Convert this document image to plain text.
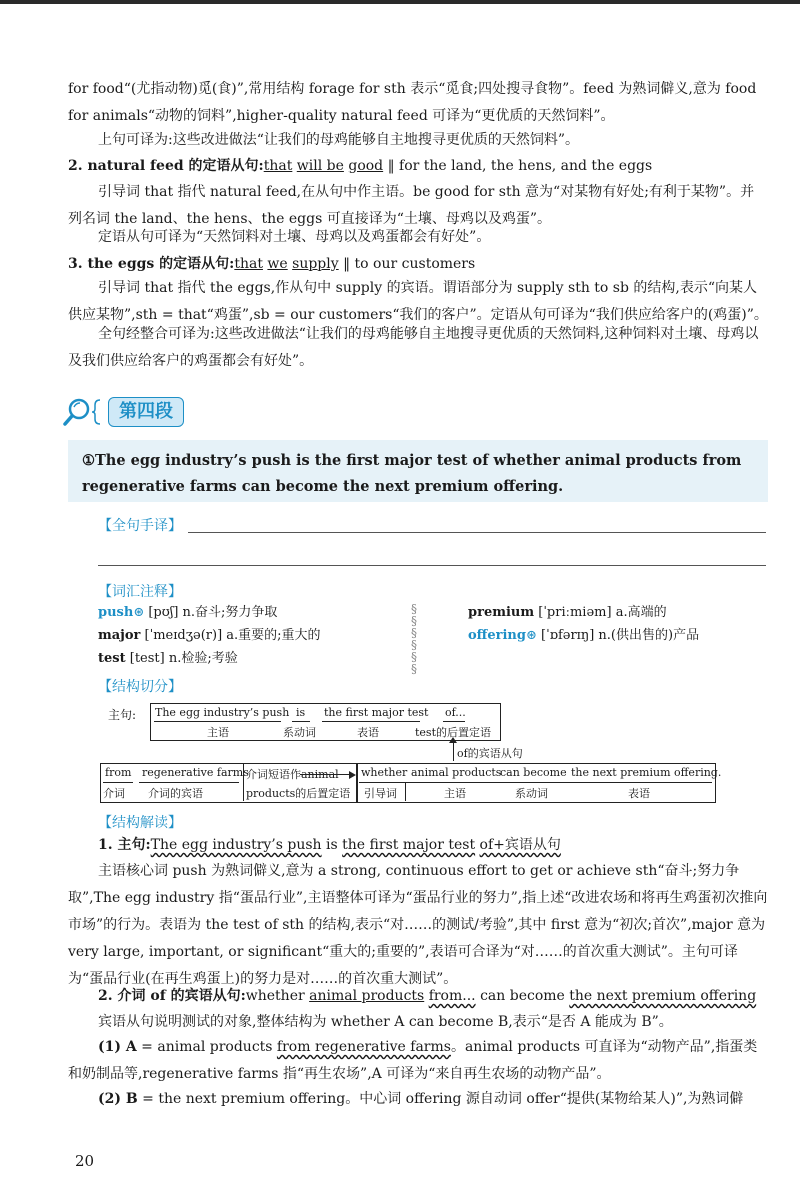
for food“(尤指动物)觅(食)”,常用结构 forage for sth 表示“觅食;四处搜寻食物”。feed 为熟词僻义,意为 food for animals“动物的饲料”,higher-quality natural feed 可译为“更优质的天然饲料”。
上句可译为:这些改进做法“让我们的母鸡能够自主地搜寻更优质的天然饲料”。
2. natural feed 的定语从句:that will be good ‖ for the land, the hens, and the eggs
引导词 that 指代 natural feed,在从句中作主语。be good for sth 意为“对某物有好处;有利于某物”。并列名词 the land、the hens、the eggs 可直接译为“土壤、母鸡以及鸡蛋”。
定语从句可译为“天然饲料对土壤、母鸡以及鸡蛋都会有好处”。
3. the eggs 的定语从句:that we supply ‖ to our customers
引导词 that 指代 the eggs,作从句中 supply 的宾语。谓语部分为 supply sth to sb 的结构,表示“向某人供应某物”,sth = that“鸡蛋”,sb = our customers“我们的客户”。定语从句可译为“我们供应给客户的(鸡蛋)”。
全句经整合可译为:这些改进做法“让我们的母鸡能够自主地搜寻更优质的天然饲料,这种饲料对土壤、母鸡以及我们供应给客户的鸡蛋都会有好处”。
第四段
①The egg industry’s push is the first major test of whether animal products from regenerative farms can become the next premium offering.
【全句手译】
【词汇注释】
push⊛ [pʊʃ] n.奋斗;努力争取
major [ˈmeɪdʒə(r)] a.重要的;重大的
test [test] n.检验;考验
§
§
§
§
§
§
premium [ˈpriːmiəm] a.高端的
offering⊛ [ˈɒfərɪŋ] n.(供出售的)产品
【结构切分】
主句: The egg industry’s push is the first major test of...
主语	系动词	表语	test的后置定语
of的宾语从句
from regenerative farms
介词 介词的宾语
介词短语作animal
products的后置定语
whether animal products
can become the next premium offering.
引导词	主语	系动词	表语
【结构解读】
1. 主句:The egg industry’s push is the first major test of+宾语从句
主语核心词 push 为熟词僻义,意为 a strong, continuous effort to get or achieve sth“奋斗;努力争取”,The egg industry 指“蛋品行业”,主语整体可译为“蛋品行业的努力”,指上述“改进农场和将再生鸡蛋初次推向市场”的行为。表语为 the test of sth 的结构,表示“对……的测试/考验”,其中 first 意为“初次;首次”,major 意为 very large, important, or significant“重大的;重要的”,表语可合译为“对……的首次重大测试”。主句可译为“蛋品行业(在再生鸡蛋上)的努力是对……的首次重大测试”。
2. 介词 of 的宾语从句:whether animal products from... can become the next premium offering
宾语从句说明测试的对象,整体结构为 whether A can become B,表示“是否 A 能成为 B”。
(1) A = animal products from regenerative farms。animal products 可直译为“动物产品”,指蛋类和奶制品等,regenerative farms 指“再生农场”,A 可译为“来自再生农场的动物产品”。
(2) B = the next premium offering。中心词 offering 源自动词 offer“提供(某物给某人)”,为熟词僻
20
